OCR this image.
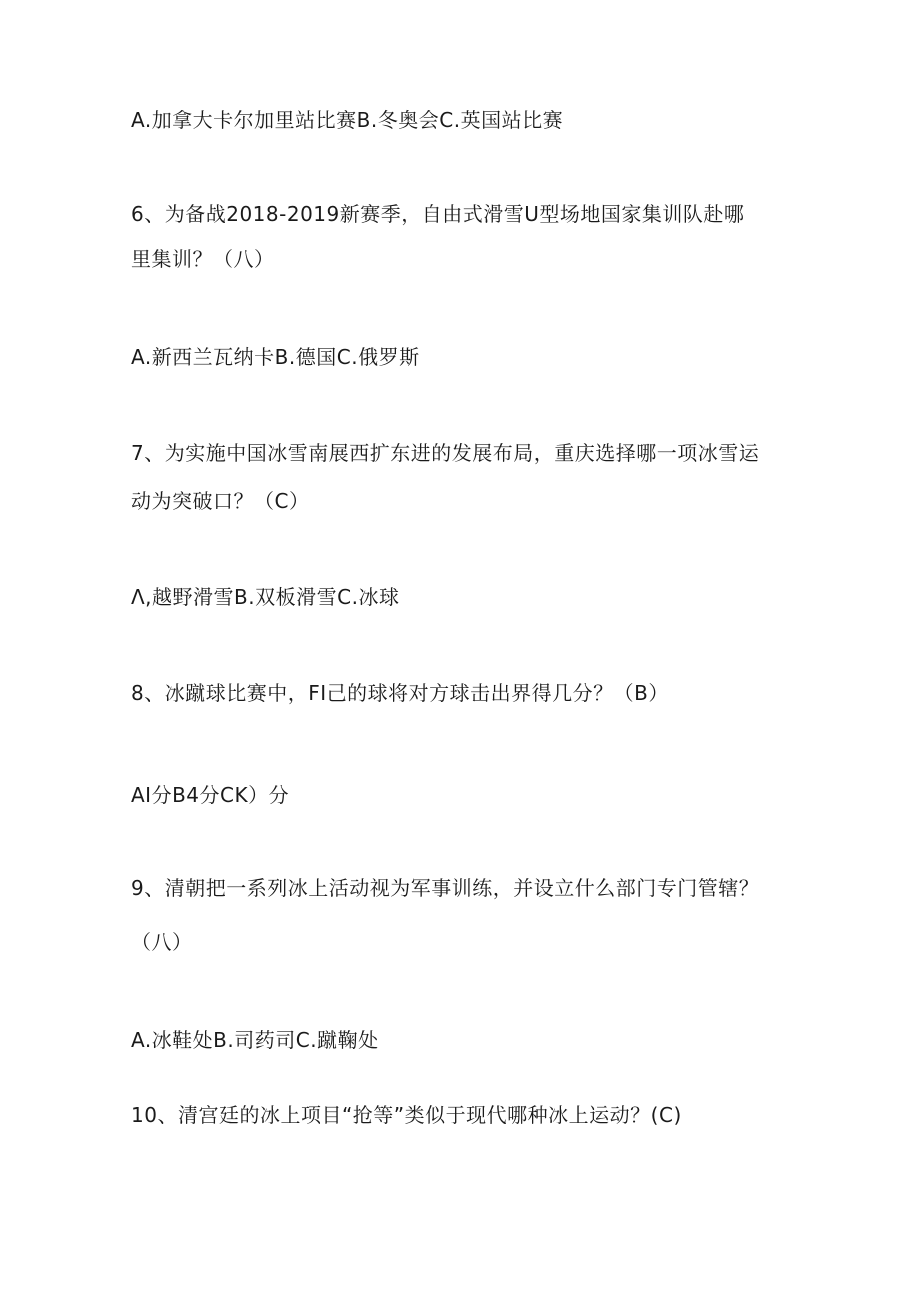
A.加拿大卡尔加里站比赛B.冬奥会C.英国站比赛
6、为备战2018-2019新赛季，自由式滑雪U型场地国家集训队赴哪
里集训？（八）
A.新西兰瓦纳卡B.德国C.俄罗斯
7、为实施中国冰雪南展西扩东进的发展布局，重庆选择哪一项冰雪运
动为突破口？（C）
Λ,越野滑雪B.双板滑雪C.冰球
8、冰蹴球比赛中，FI己的球将对方球击出界得几分？（B）
AI分B4分CK）分
9、清朝把一系列冰上活动视为军事训练，并设立什么部门专门管辖？
（八）
A.冰鞋处B.司药司C.蹴鞠处
10、清宫廷的冰上项目“抢等”类似于现代哪种冰上运动？(C)
